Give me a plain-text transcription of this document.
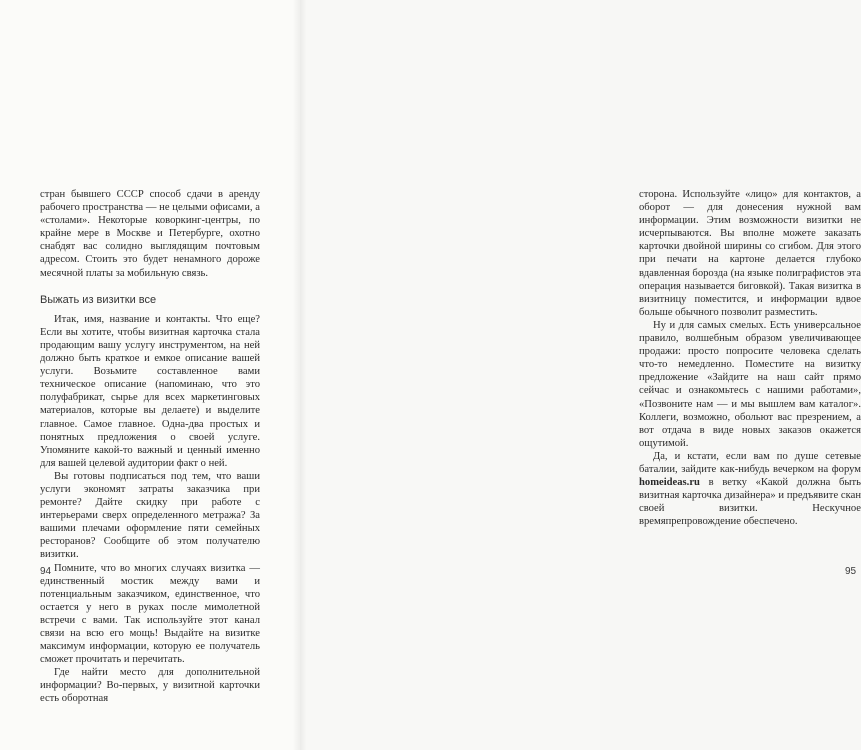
стран бывшего СССР способ сдачи в аренду рабочего пространства — не целыми офисами, а «столами». Некоторые коворкинг-центры, по крайне мере в Москве и Петербурге, охотно снабдят вас солидно выглядящим почтовым адресом. Стоить это будет ненамного дороже месячной платы за мобильную связь.

Выжать из визитки все

Итак, имя, название и контакты. Что еще? Если вы хотите, чтобы визитная карточка стала продающим вашу услугу инструментом, на ней должно быть краткое и емкое описание вашей услуги. Возьмите составленное вами техническое описание (напоминаю, что это полуфабрикат, сырье для всех маркетинговых материалов, которые вы делаете) и выделите главное. Самое главное. Одна-два простых и понятных предложения о своей услуге. Упомяните какой-то важный и ценный именно для вашей целевой аудитории факт о ней.

Вы готовы подписаться под тем, что ваши услуги экономят затраты заказчика при ремонте? Дайте скидку при работе с интерьерами сверх определенного метража? За вашими плечами оформление пяти семейных ресторанов? Сообщите об этом получателю визитки.

Помните, что во многих случаях визитка — единственный мостик между вами и потенциальным заказчиком, единственное, что остается у него в руках после мимолетной встречи с вами. Так используйте этот канал связи на всю его мощь! Выдайте на визитке максимум информации, которую ее получатель сможет прочитать и перечитать.

Где найти место для дополнительной информации? Во-первых, у визитной карточки есть оборотная

94

сторона. Используйте «лицо» для контактов, а оборот — для донесения нужной вам информации. Этим возможности визитки не исчерпываются. Вы вполне можете заказать карточки двойной ширины со сгибом. Для этого при печати на картоне делается глубоко вдавленная борозда (на языке полиграфистов эта операция называется биговкой). Такая визитка в визитницу поместится, и информации вдвое больше обычного позволит разместить.

Ну и для самых смелых. Есть универсальное правило, волшебным образом увеличивающее продажи: просто попросите человека сделать что-то немедленно. Поместите на визитку предложение «Зайдите на наш сайт прямо сейчас и ознакомьтесь с нашими работами», «Позвоните нам — и мы вышлем вам каталог». Коллеги, возможно, обольют вас презрением, а вот отдача в виде новых заказов окажется ощутимой.

Да, и кстати, если вам по душе сетевые баталии, зайдите как-нибудь вечерком на форум homeideas.ru в ветку «Какой должна быть визитная карточка дизайнера» и предъявите скан своей визитки. Нескучное времяпрепровождение обеспечено.

95
